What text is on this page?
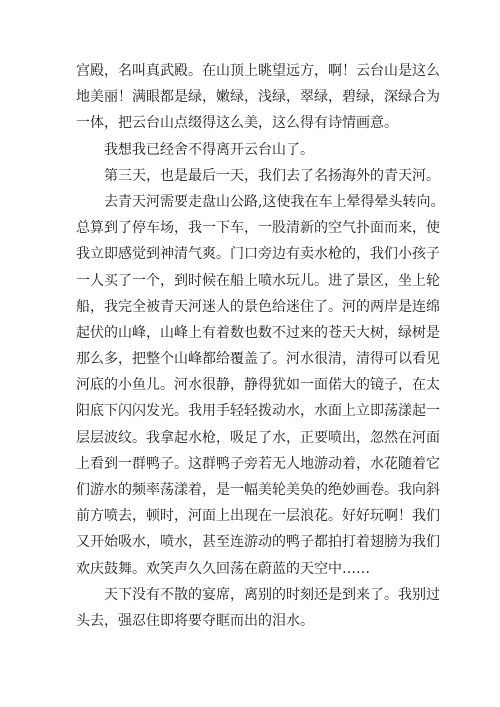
宫殿，名叫真武殿。在山顶上眺望远方，啊！云台山是这么
地美丽！满眼都是绿，嫩绿，浅绿，翠绿，碧绿，深绿合为
一体，把云台山点缀得这么美，这么得有诗情画意。
　　我想我已经舍不得离开云台山了。
　　第三天，也是最后一天，我们去了名扬海外的青天河。
　　去青天河需要走盘山公路,这使我在车上晕得晕头转向。
总算到了停车场，我一下车，一股清新的空气扑面而来，使
我立即感觉到神清气爽。门口旁边有卖水枪的，我们小孩子
一人买了一个，到时候在船上喷水玩儿。进了景区，坐上轮
船，我完全被青天河迷人的景色给迷住了。河的两岸是连绵
起伏的山峰，山峰上有着数也数不过来的苍天大树，绿树是
那么多，把整个山峰都给覆盖了。河水很清，清得可以看见
河底的小鱼儿。河水很静，静得犹如一面偌大的镜子，在太
阳底下闪闪发光。我用手轻轻拨动水，水面上立即荡漾起一
层层波纹。我拿起水枪，吸足了水，正要喷出，忽然在河面
上看到一群鸭子。这群鸭子旁若无人地游动着，水花随着它
们游水的频率荡漾着，是一幅美轮美奂的绝妙画卷。我向斜
前方喷去，顿时，河面上出现在一层浪花。好好玩啊！我们
又开始吸水，喷水，甚至连游动的鸭子都拍打着翅膀为我们
欢庆鼓舞。欢笑声久久回荡在蔚蓝的天空中……
　　天下没有不散的宴席，离别的时刻还是到来了。我别过
头去，强忍住即将要夺眶而出的泪水。
